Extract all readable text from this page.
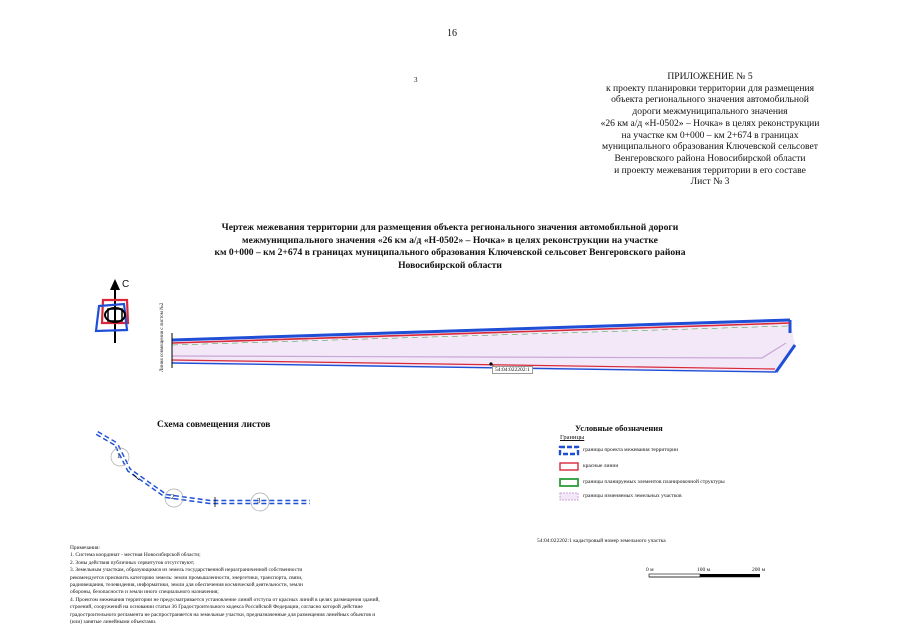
16
3	ПРИЛОЖЕНИЕ № 5
к проекту планировки территории для размещения
объекта регионального значения автомобильной
дороги межмуниципального значения
«26 км а/д «Н-0502» – Ночка» в целях реконструкции
на участке км 0+000 – км 2+674 в границах
муниципального образования Ключевской сельсовет
Венгеровского района Новосибирской области
и проекту межевания территории в его составе
Лист № 3
Чертеж межевания территории для размещения объекта регионального значения автомобильной дороги
межмуниципального значения «26 км а/д «Н-0502» – Ночка» в целях реконструкции на участке
км 0+000 – км 2+674 в границах муниципального образования Ключевской сельсовет Венгеровского района
Новосибирской области
С
Линия совмещения с листом №2	54:04:022202:1
Схема совмещения листов
1
2	3
Условные обозначения
Границы
границы проекта межевания территории
красные линии
границы планируемых элементов планировочной структуры
границы изменяемых земельных участков
54:04:022202:1 кадастровый номер земельного участка
0 м	100 м	200 м
Примечания:
1. Система координат - местная Новосибирской области;
2. Зоны действия публичных сервитутов отсутствуют;
3. Земельным участкам, образующимся из земель государственной неразграниченной собственности
рекомендуется присвоить категорию земель: земли промышленности, энергетики, транспорта, связи,
радиовещания, телевидения, информатики, земли для обеспечения космической деятельности, земли
обороны, безопасности и земли иного специального назначения;
4. Проектом межевания территории не предусматривается установление линий отступа от красных линий в целях размещения зданий,
строений, сооружений на основании статьи 36 Градостроительного кодекса Российской Федерации, согласно которой действие
градостроительного регламента не распространяется на земельные участки, предназначенные для размещения линейных объектов и
(или) занятые линейными объектами.
